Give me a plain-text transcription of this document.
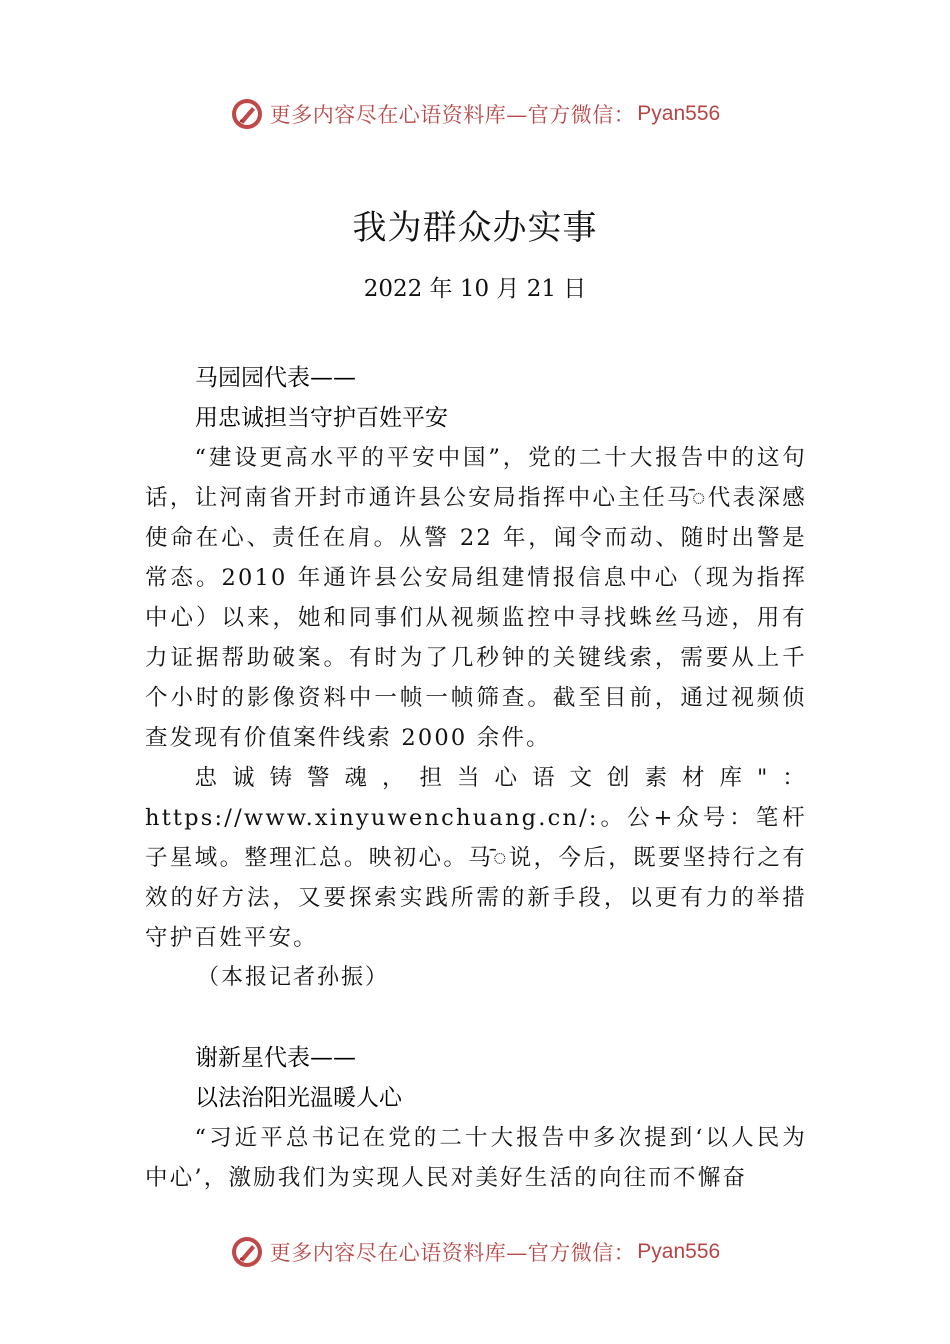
更多内容尽在心语资料库—官方微信： Pyan556
我为群众办实事
2022 年 10 月 21 日
马园园代表——
用忠诚担当守护百姓平安

“建设更高水平的平安中国”，党的二十大报告中的这句话，让河南省开封市通许县公安局指挥中心主任马ᯩᯩ代表深感使命在心、责任在肩。从警 22 年，闻令而动、随时出警是常态。2010 年通许县公安局组建情报信息中心（现为指挥中心）以来，她和同事们从视频监控中寻找蛛丝马迹，用有力证据帮助破案。有时为了几秒钟的关键线索，需要从上千个小时的影像资料中一帧一帧筛查。截至目前，通过视频侦查发现有价值案件线索 2000 余件。

忠诚铸警魂，担当心语文创素材库"：https://www.xinyuwenchuang.cn/:。公+众号：笔杆子星域。整理汇总。映初心。马ᯩᯩ说，今后，既要坚持行之有效的好方法，又要探索实践所需的新手段，以更有力的举措守护百姓平安。

（本报记者孙振）
谢新星代表——
以法治阳光温暖人心

“习近平总书记在党的二十大报告中多次提到‘以人民为中心’，激励我们为实现人民对美好生活的向往而不懈奋

更多内容尽在心语资料库—官方微信： Pyan556
